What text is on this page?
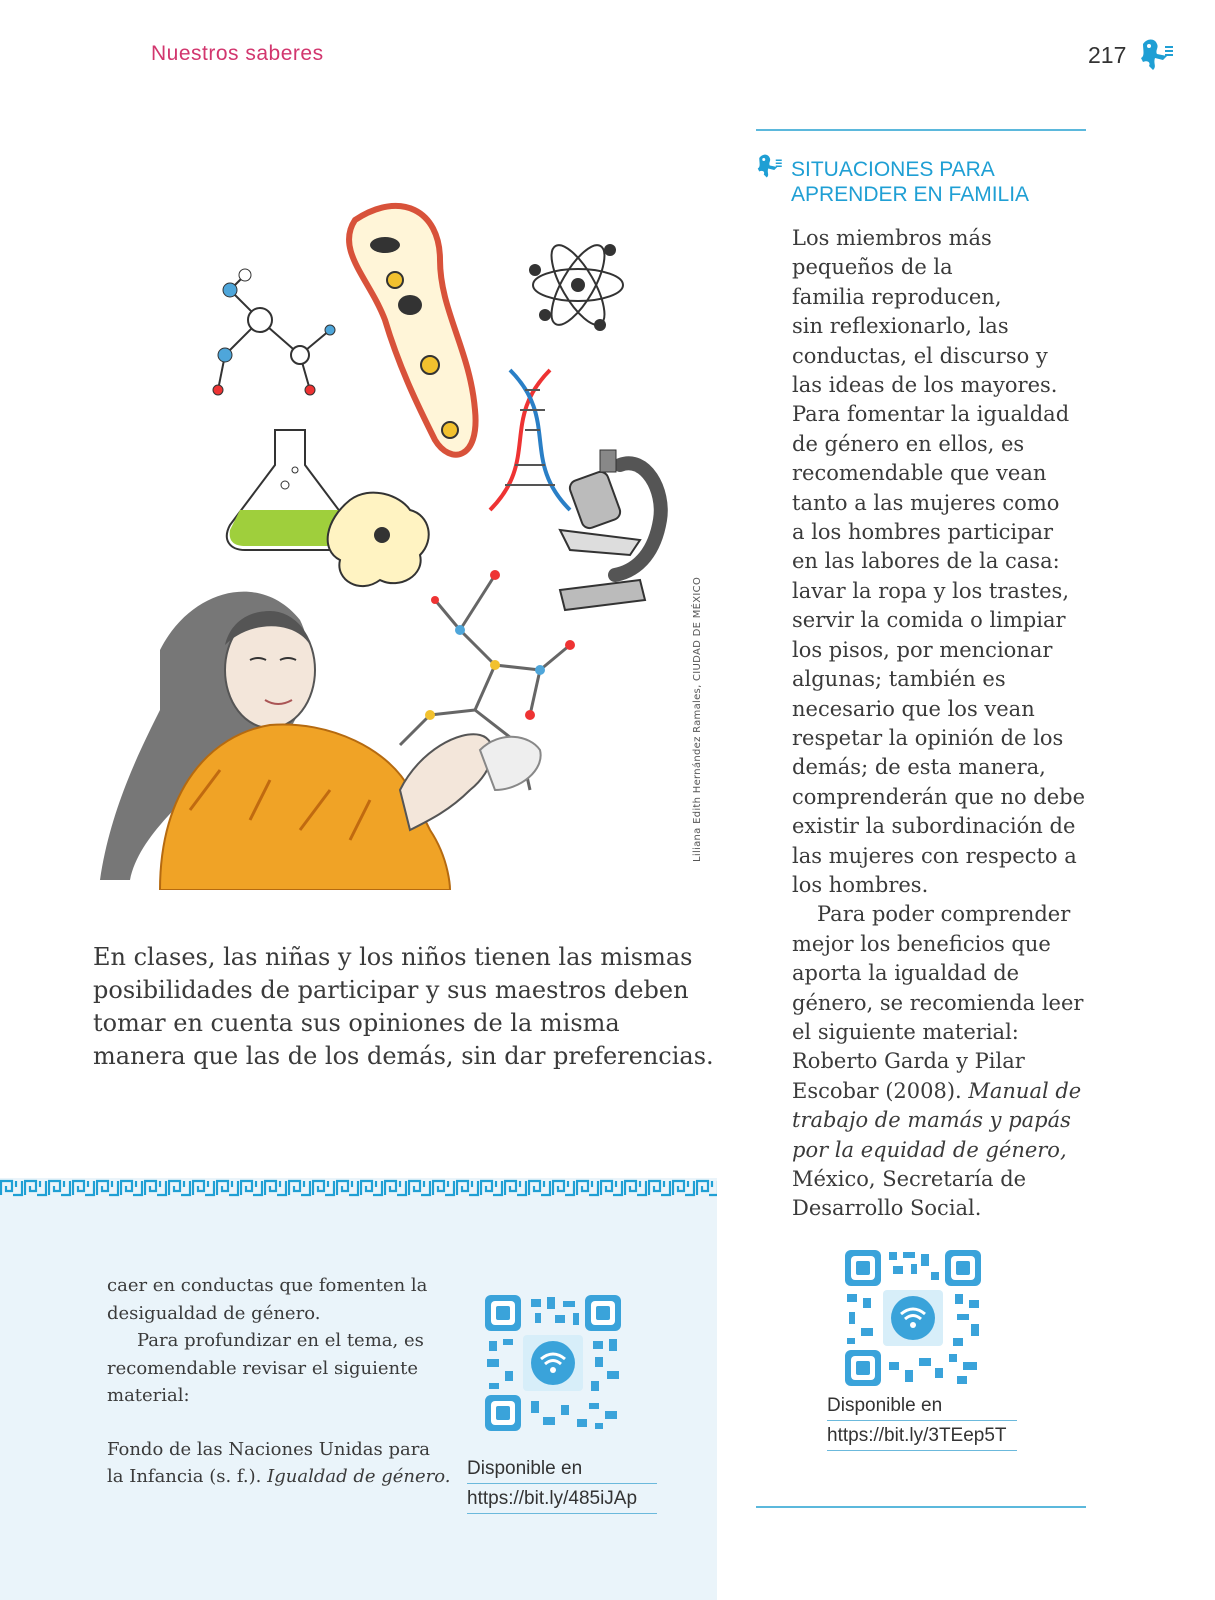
Nuestros saberes	217
SITUACIONES PARA
APRENDER EN FAMILIA
Los miembros más
pequeños de la
familia reproducen,
sin reflexionarlo, las
conductas, el discurso y
las ideas de los mayores.
Para fomentar la igualdad
de género en ellos, es
recomendable que vean
tanto a las mujeres como
a los hombres participar
en las labores de la casa:
lavar la ropa y los trastes,
servir la comida o limpiar
los pisos, por mencionar
algunas; también es
necesario que los vean
respetar la opinión de los
demás; de esta manera,
comprenderán que no debe
existir la subordinación de
las mujeres con respecto a
los hombres.
Para poder comprender
mejor los beneficios que
aporta la igualdad de
género, se recomienda leer
el siguiente material:
Roberto Garda y Pilar
Escobar (2008). Manual de
trabajo de mamás y papás
por la equidad de género,
México, Secretaría de
Desarrollo Social.
Disponible en
https://bit.ly/3TEep5T
Liliana Edith Hernández Ramales, CIUDAD DE MÉXICO
En clases, las niñas y los niños tienen las mismas
posibilidades de participar y sus maestros deben
tomar en cuenta sus opiniones de la misma
manera que las de los demás, sin dar preferencias.
caer en conductas que fomenten la
desigualdad de género.
Para profundizar en el tema, es
recomendable revisar el siguiente
material:
Fondo de las Naciones Unidas para
la Infancia (s. f.). Igualdad de género. Disponible en
https://bit.ly/485iJAp
